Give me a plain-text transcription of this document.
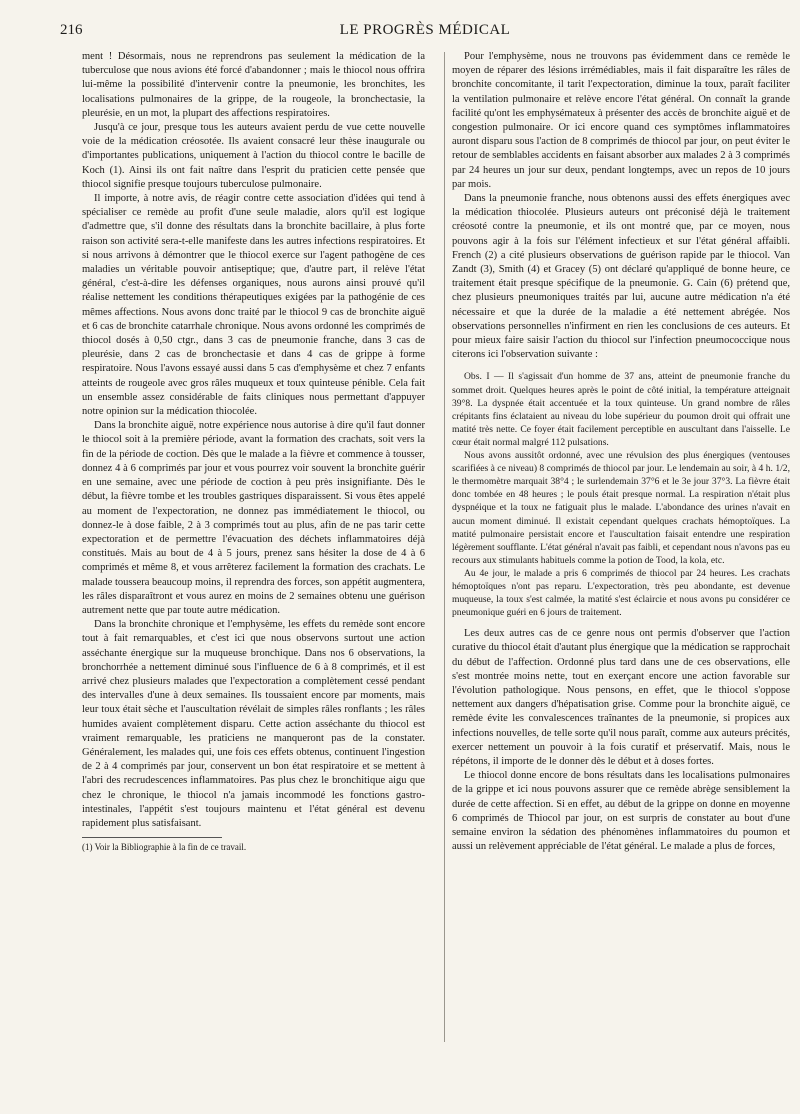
216	LE PROGRÈS MÉDICAL

ment ! Désormais, nous ne reprendrons pas seulement la médication de la tuberculose que nous avions été forcé d'abandonner ; mais le thiocol nous offrira lui-même la possibilité d'intervenir contre la pneumonie, les bronchites, les localisations pulmonaires de la grippe, de la rougeole, la bronchectasie, la pleurésie, en un mot, la plupart des affections respiratoires.

Jusqu'à ce jour, presque tous les auteurs avaient perdu de vue cette nouvelle voie de la médication créosotée. Ils avaient consacré leur thèse inaugurale ou d'importantes publications, uniquement à l'action du thiocol contre le bacille de Koch (1). Ainsi ils ont fait naître dans l'esprit du praticien cette pensée que thiocol signifie presque toujours tuberculose pulmonaire.

Il importe, à notre avis, de réagir contre cette association d'idées qui tend à spécialiser ce remède au profit d'une seule maladie, alors qu'il est logique d'admettre que, s'il donne des résultats dans la bronchite bacillaire, à plus forte raison son activité sera-t-elle manifeste dans les autres infections respiratoires. Et si nous arrivons à démontrer que le thiocol exerce sur l'agent pathogène de ces maladies un véritable pouvoir antiseptique; que, d'autre part, il relève l'état général, c'est-à-dire les défenses organiques, nous aurons ainsi prouvé qu'il réalise nettement les conditions thérapeutiques exigées par la pathogénie de ces mêmes affections. Nous avons donc traité par le thiocol 9 cas de bronchite aiguë et 6 cas de bronchite catarrhale chronique. Nous avons ordonné les comprimés de thiocol dosés à 0,50 ctgr., dans 3 cas de pneumonie franche, dans 3 cas de pleurésie, dans 2 cas de bronchectasie et dans 4 cas de grippe à forme respiratoire. Nous l'avons essayé aussi dans 5 cas d'emphysème et chez 7 enfants atteints de rougeole avec gros râles muqueux et toux quinteuse pénible. Cela fait un ensemble assez considérable de faits cliniques nous permettant d'appuyer notre opinion sur la médication thiocolée.

Dans la bronchite aiguë, notre expérience nous autorise à dire qu'il faut donner le thiocol soit à la première période, avant la formation des crachats, soit vers la fin de la période de coction. Dès que le malade a la fièvre et commence à tousser, donnez 4 à 6 comprimés par jour et vous pourrez voir souvent la bronchite guérir en une semaine, avec une période de coction à peu près insignifiante. Dès le début, la fièvre tombe et les troubles gastriques disparaissent. Si vous êtes appelé au moment de l'expectoration, ne donnez pas immédiatement le thiocol, ou donnez-le à dose faible, 2 à 3 comprimés tout au plus, afin de ne pas tarir cette expectoration et de permettre l'évacuation des déchets inflammatoires déjà constitués. Mais au bout de 4 à 5 jours, prenez sans hésiter la dose de 4 à 6 comprimés et même 8, et vous arrêterez facilement la formation des crachats. Le malade toussera beaucoup moins, il reprendra des forces, son appétit augmentera, les râles disparaîtront et vous aurez en moins de 2 semaines obtenu une guérison autrement nette que par toute autre médication.

Dans la bronchite chronique et l'emphysème, les effets du remède sont encore tout à fait remarquables, et c'est ici que nous observons surtout une action asséchante énergique sur la muqueuse bronchique. Dans nos 6 observations, la bronchorrhée a nettement diminué sous l'influence de 6 à 8 comprimés, et il est arrivé chez plusieurs malades que l'expectoration a complètement cessé pendant des intervalles d'une à deux semaines. Ils toussaient encore par moments, mais leur toux était sèche et l'auscultation révélait de simples râles ronflants ; les râles humides avaient complètement disparu. Cette action asséchante du thiocol est vraiment remarquable, les praticiens ne manqueront pas de la constater. Généralement, les malades qui, une fois ces effets obtenus, continuent l'ingestion de 2 à 4 comprimés par jour, conservent un bon état respiratoire et se mettent à l'abri des recrudescences inflammatoires. Pas plus chez le bronchitique aigu que chez le chronique, le thiocol n'a jamais incommodé les fonctions gastro-intestinales, l'appétit s'est toujours maintenu et l'état général est devenu rapidement plus satisfaisant.

(1) Voir la Bibliographie à la fin de ce travail.

Pour l'emphysème, nous ne trouvons pas évidemment dans ce remède le moyen de réparer des lésions irrémédiables, mais il fait disparaître les râles de bronchite concomitante, il tarit l'expectoration, diminue la toux, paraît faciliter la ventilation pulmonaire et relève encore l'état général. On connaît la grande facilité qu'ont les emphysémateux à présenter des accès de bronchite aiguë et de congestion pulmonaire. Or ici encore quand ces symptômes inflammatoires auront disparu sous l'action de 8 comprimés de thiocol par jour, on peut éviter le retour de semblables accidents en faisant absorber aux malades 2 à 3 comprimés par 24 heures un jour sur deux, pendant longtemps, avec un repos de 10 jours par mois.

Dans la pneumonie franche, nous obtenons aussi des effets énergiques avec la médication thiocolée. Plusieurs auteurs ont préconisé déjà le traitement créosoté contre la pneumonie, et ils ont montré que, par ce moyen, nous pouvons agir à la fois sur l'élément infectieux et sur l'état général affaibli. French (2) a cité plusieurs observations de guérison rapide par le thiocol. Van Zandt (3), Smith (4) et Gracey (5) ont déclaré qu'appliqué de bonne heure, ce traitement était presque spécifique de la pneumonie. G. Cain (6) prétend que, chez plusieurs pneumoniques traités par lui, aucune autre médication n'a été nécessaire et que la durée de la maladie a été nettement abrégée. Nos observations personnelles n'infirment en rien les conclusions de ces auteurs. Et pour mieux faire saisir l'action du thiocol sur l'infection pneumococcique nous citerons ici l'observation suivante :

Obs. I — Il s'agissait d'un homme de 37 ans, atteint de pneumonie franche du sommet droit. Quelques heures après le point de côté initial, la température atteignait 39°8. La dyspnée était accentuée et la toux quinteuse. Un grand nombre de râles crépitants fins éclataient au niveau du lobe supérieur du poumon droit qui offrait une matité très nette. Ce foyer était facilement perceptible en auscultant dans l'aisselle. Le cœur était normal malgré 112 pulsations.

Nous avons aussitôt ordonné, avec une révulsion des plus énergiques (ventouses scarifiées à ce niveau) 8 comprimés de thiocol par jour. Le lendemain au soir, à 4 h. 1/2, le thermomètre marquait 38°4 ; le surlendemain 37°6 et le 3e jour 37°3. La fièvre était donc tombée en 48 heures ; le pouls était presque normal. La respiration n'était plus dyspnéique et la toux ne fatiguait plus le malade. L'abondance des urines n'avait en aucun moment diminué. Il existait cependant quelques crachats hémoptoïques. La matité pulmonaire persistait encore et l'auscultation faisait entendre une respiration légèrement soufflante. L'état général n'avait pas faibli, et cependant nous n'avons pas eu recours aux stimulants habituels comme la potion de Tood, la kola, etc.

Au 4e jour, le malade a pris 6 comprimés de thiocol par 24 heures. Les crachats hémoptoïques n'ont pas reparu. L'expectoration, très peu abondante, est devenue muqueuse, la toux s'est calmée, la matité s'est éclaircie et nous avons pu considérer ce pneumonique guéri en 6 jours de traitement.

Les deux autres cas de ce genre nous ont permis d'observer que l'action curative du thiocol était d'autant plus énergique que la médication se rapprochait du début de l'affection. Ordonné plus tard dans une de ces observations, elle s'est montrée moins nette, tout en exerçant encore une action favorable sur l'évolution pathologique. Nous pensons, en effet, que le thiocol s'oppose nettement aux dangers d'hépatisation grise. Comme pour la bronchite aiguë, ce remède évite les convalescences traînantes de la pneumonie, si propices aux infections nouvelles, de telle sorte qu'il nous paraît, comme aux auteurs précités, exercer nettement un pouvoir à la fois curatif et préservatif. Mais, nous le répétons, il importe de le donner dès le début et à doses fortes.

Le thiocol donne encore de bons résultats dans les localisations pulmonaires de la grippe et ici nous pouvons assurer que ce remède abrège sensiblement la durée de cette affection. Si en effet, au début de la grippe on donne en moyenne 6 comprimés de Thiocol par jour, on est surpris de constater au bout d'une semaine environ la sédation des phénomènes inflammatoires du poumon et aussi un relèvement appréciable de l'état général. Le malade a plus de forces,
